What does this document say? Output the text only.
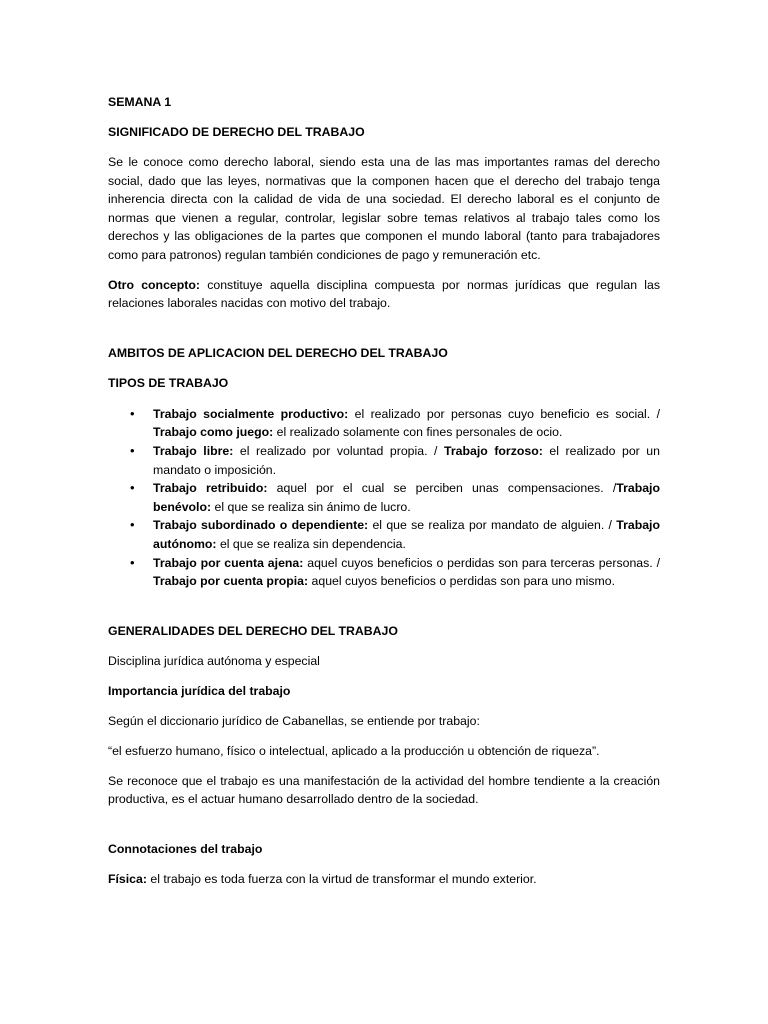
SEMANA 1

SIGNIFICADO DE DERECHO DEL TRABAJO

Se le conoce como derecho laboral, siendo esta una de las mas importantes ramas del derecho social, dado que las leyes, normativas que la componen hacen que el derecho del trabajo tenga inherencia directa con la calidad de vida de una sociedad. El derecho laboral es el conjunto de normas que vienen a regular, controlar, legislar sobre temas relativos al trabajo tales como los derechos y las obligaciones de la partes que componen el mundo laboral (tanto para trabajadores como para patronos) regulan también condiciones de pago y remuneración etc.

Otro concepto: constituye aquella disciplina compuesta por normas jurídicas que regulan las relaciones laborales nacidas con motivo del trabajo.

AMBITOS DE APLICACION DEL DERECHO DEL TRABAJO

TIPOS DE TRABAJO

• Trabajo socialmente productivo: el realizado por personas cuyo beneficio es social. / Trabajo como juego: el realizado solamente con fines personales de ocio.
• Trabajo libre: el realizado por voluntad propia. / Trabajo forzoso: el realizado por un mandato o imposición.
• Trabajo retribuido: aquel por el cual se perciben unas compensaciones. /Trabajo benévolo: el que se realiza sin ánimo de lucro.
• Trabajo subordinado o dependiente: el que se realiza por mandato de alguien. / Trabajo autónomo: el que se realiza sin dependencia.
• Trabajo por cuenta ajena: aquel cuyos beneficios o perdidas son para terceras personas. / Trabajo por cuenta propia: aquel cuyos beneficios o perdidas son para uno mismo.

GENERALIDADES DEL DERECHO DEL TRABAJO

Disciplina jurídica autónoma y especial

Importancia jurídica del trabajo

Según el diccionario jurídico de Cabanellas, se entiende por trabajo:

“el esfuerzo humano, físico o intelectual, aplicado a la producción u obtención de riqueza”.

Se reconoce que el trabajo es una manifestación de la actividad del hombre tendiente a la creación productiva, es el actuar humano desarrollado dentro de la sociedad.

Connotaciones del trabajo

Física: el trabajo es toda fuerza con la virtud de transformar el mundo exterior.
